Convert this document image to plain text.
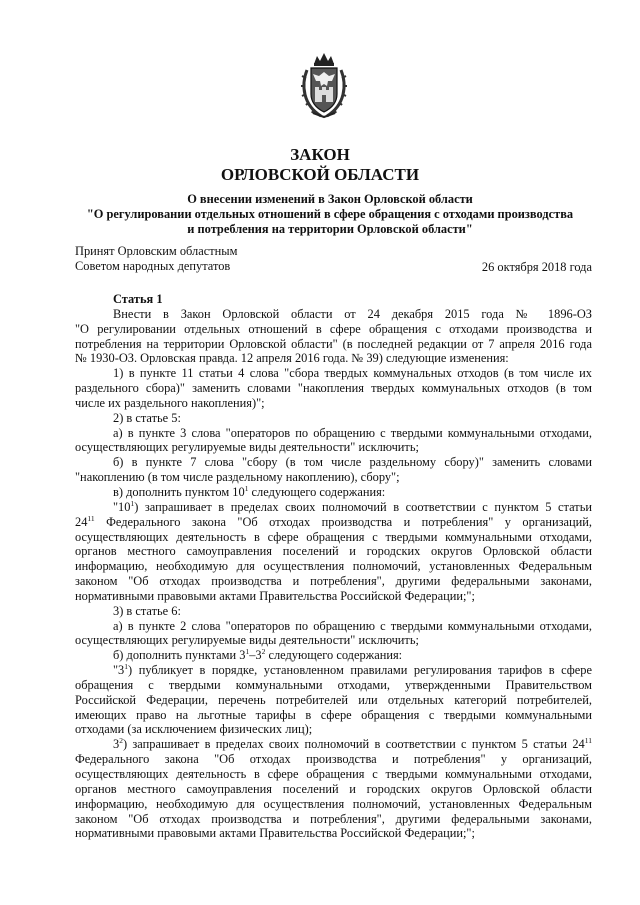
ЗАКОН
ОРЛОВСКОЙ ОБЛАСТИ
О внесении изменений в Закон Орловской области
"О регулировании отдельных отношений в сфере обращения с отходами производства
и потребления на территории Орловской области"
Принят Орловским областным
Советом народных депутатов	26 октября 2018 года
Статья 1
Внести в Закон Орловской области от 24 декабря 2015 года № 1896-ОЗ
"О регулировании отдельных отношений в сфере обращения с отходами производства и
потребления на территории Орловской области" (в последней редакции от 7 апреля 2016 года
№ 1930-ОЗ. Орловская правда. 12 апреля 2016 года. № 39) следующие изменения:
1) в пункте 11 статьи 4 слова "сбора твердых коммунальных отходов (в том числе их
раздельного сбора)" заменить словами "накопления твердых коммунальных отходов (в том
числе их раздельного накопления)";
2) в статье 5:
а) в пункте 3 слова "операторов по обращению с твердыми коммунальными отходами,
осуществляющих регулируемые виды деятельности" исключить;
б) в пункте 7 слова "сбору (в том числе раздельному сбору)" заменить словами
"накоплению (в том числе раздельному накоплению), сбору";
в) дополнить пунктом $10^1$ следующего содержания:
"$10^1$) запрашивает в пределах своих полномочий в соответствии с пунктом 5 статьи
$24^{11}$ Федерального закона "Об отходах производства и потребления" у организаций,
осуществляющих деятельность в сфере обращения с твердыми коммунальными отходами,
органов местного самоуправления поселений и городских округов Орловской области
информацию, необходимую для осуществления полномочий, установленных Федеральным
законом "Об отходах производства и потребления", другими федеральными законами,
нормативными правовыми актами Правительства Российской Федерации;";
3) в статье 6:
а) в пункте 2 слова "операторов по обращению с твердыми коммунальными отходами,
осуществляющих регулируемые виды деятельности" исключить;
б) дополнить пунктами $3^1-3^2$ следующего содержания:
"$3^1$) публикует в порядке, установленном правилами регулирования тарифов в сфере
обращения с твердыми коммунальными отходами, утвержденными Правительством
Российской Федерации, перечень потребителей или отдельных категорий потребителей,
имеющих право на льготные тарифы в сфере обращения с твердыми коммунальными
отходами (за исключением физических лиц);
$3^2$) запрашивает в пределах своих полномочий в соответствии с пунктом 5 статьи $24^{11}$
Федерального закона "Об отходах производства и потребления" у организаций,
осуществляющих деятельность в сфере обращения с твердыми коммунальными отходами,
органов местного самоуправления поселений и городских округов Орловской области
информацию, необходимую для осуществления полномочий, установленных Федеральным
законом "Об отходах производства и потребления", другими федеральными законами,
нормативными правовыми актами Правительства Российской Федерации;";
